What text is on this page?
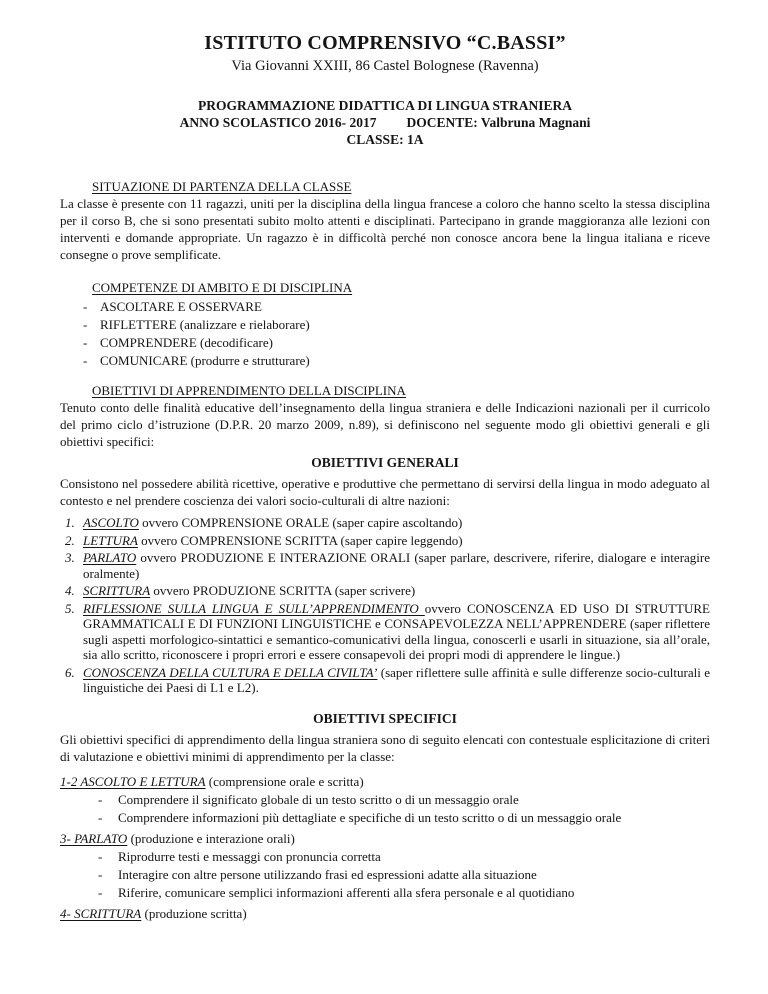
ISTITUTO COMPRENSIVO “C.BASSI”
Via Giovanni XXIII, 86 Castel Bolognese (Ravenna)
PROGRAMMAZIONE DIDATTICA DI LINGUA STRANIERA
ANNO SCOLASTICO 2016- 2017 DOCENTE: Valbruna Magnani
CLASSE: 1A
SITUAZIONE DI PARTENZA DELLA CLASSE

La classe è presente con 11 ragazzi, uniti per la disciplina della lingua francese a coloro che hanno scelto la stessa disciplina per il corso B, che si sono presentati subito molto attenti e disciplinati. Partecipano in grande maggioranza alle lezioni con interventi e domande appropriate. Un ragazzo è in difficoltà perché non conosce ancora bene la lingua italiana e riceve consegne o prove semplificate.

COMPETENZE DI AMBITO E DI DISCIPLINA
- ASCOLTARE E OSSERVARE
- RIFLETTERE (analizzare e rielaborare)
- COMPRENDERE (decodificare)
- COMUNICARE (produrre e strutturare)
OBIETTIVI DI APPRENDIMENTO DELLA DISCIPLINA

Tenuto conto delle finalità educative dell’insegnamento della lingua straniera e delle Indicazioni nazionali per il curricolo del primo ciclo d’istruzione (D.P.R. 20 marzo 2009, n.89), si definiscono nel seguente modo gli obiettivi generali e gli obiettivi specifici:

OBIETTIVI GENERALI

Consistono nel possedere abilità ricettive, operative e produttive che permettano di servirsi della lingua in modo adeguato al contesto e nel prendere coscienza dei valori socio-culturali di altre nazioni:

1. ASCOLTO ovvero COMPRENSIONE ORALE (saper capire ascoltando)
2. LETTURA ovvero COMPRENSIONE SCRITTA (saper capire leggendo)
3. PARLATO ovvero PRODUZIONE E INTERAZIONE ORALI (saper parlare, descrivere, riferire, dialogare e interagire oralmente)
4. SCRITTURA ovvero PRODUZIONE SCRITTA (saper scrivere)
5. RIFLESSIONE SULLA LINGUA E SULL’APPRENDIMENTO ovvero CONOSCENZA ED USO DI STRUTTURE GRAMMATICALI E DI FUNZIONI LINGUISTICHE e CONSAPEVOLEZZA NELL’APPRENDERE (saper riflettere sugli aspetti morfologico-sintattici e semantico-comunicativi della lingua, conoscerli e usarli in situazione, sia all’orale, sia allo scritto, riconoscere i propri errori e essere consapevoli dei propri modi di apprendere le lingue.)
6. CONOSCENZA DELLA CULTURA E DELLA CIVILTA’ (saper riflettere sulle affinità e sulle differenze socio-culturali e linguistiche dei Paesi di L1 e L2).
OBIETTIVI SPECIFICI

Gli obiettivi specifici di apprendimento della lingua straniera sono di seguito elencati con contestuale esplicitazione di criteri di valutazione e obiettivi minimi di apprendimento per la classe:

1-2 ASCOLTO E LETTURA (comprensione orale e scritta)
-	Comprendere il significato globale di un testo scritto o di un messaggio orale
-	Comprendere informazioni più dettagliate e specifiche di un testo scritto o di un messaggio orale
3- PARLATO (produzione e interazione orali)
-	Riprodurre testi e messaggi con pronuncia corretta
-	Interagire con altre persone utilizzando frasi ed espressioni adatte alla situazione
-	Riferire, comunicare semplici informazioni afferenti alla sfera personale e al quotidiano
4- SCRITTURA (produzione scritta)
